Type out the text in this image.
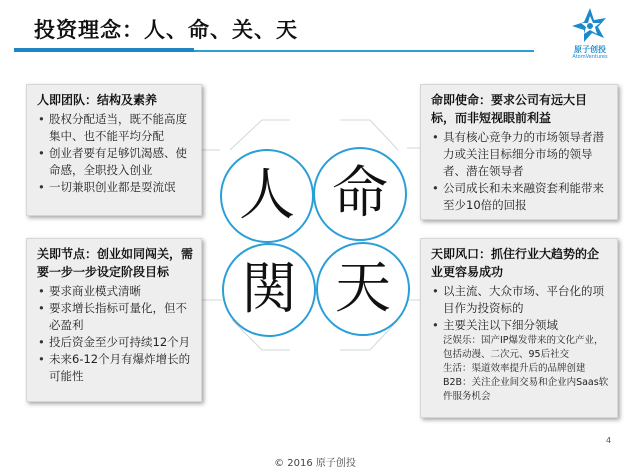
投资理念：人、命、关、天
原子创投
AtomVentures
人即团队：结构及素养
• 股权分配适当，既不能高度集中、也不能平均分配
• 创业者要有足够饥渴感、使命感，全职投入创业
• 一切兼职创业都是耍流氓
命即使命：要求公司有远大目标，而非短视眼前利益
• 具有核心竞争力的市场领导者潜力或关注目标细分市场的领导者、潜在领导者
• 公司成长和未来融资套利能带来至少10倍的回报
关即节点：创业如同闯关，需要一步一步设定阶段目标
• 要求商业模式清晰
• 要求增长指标可量化，但不必盈利
• 投后资金至少可持续12个月
• 未来6-12个月有爆炸增长的可能性
天即风口：抓住行业大趋势的企业更容易成功
• 以主流、大众市场、平台化的项目作为投资标的
• 主要关注以下细分领域
泛娱乐：国产IP爆发带来的文化产业，包括动漫、二次元、95后社交
生活：渠道效率提升后的品牌创建
B2B：关注企业间交易和企业内Saas软件服务机会
人 命
関 天
© 2016 原子创投
4
